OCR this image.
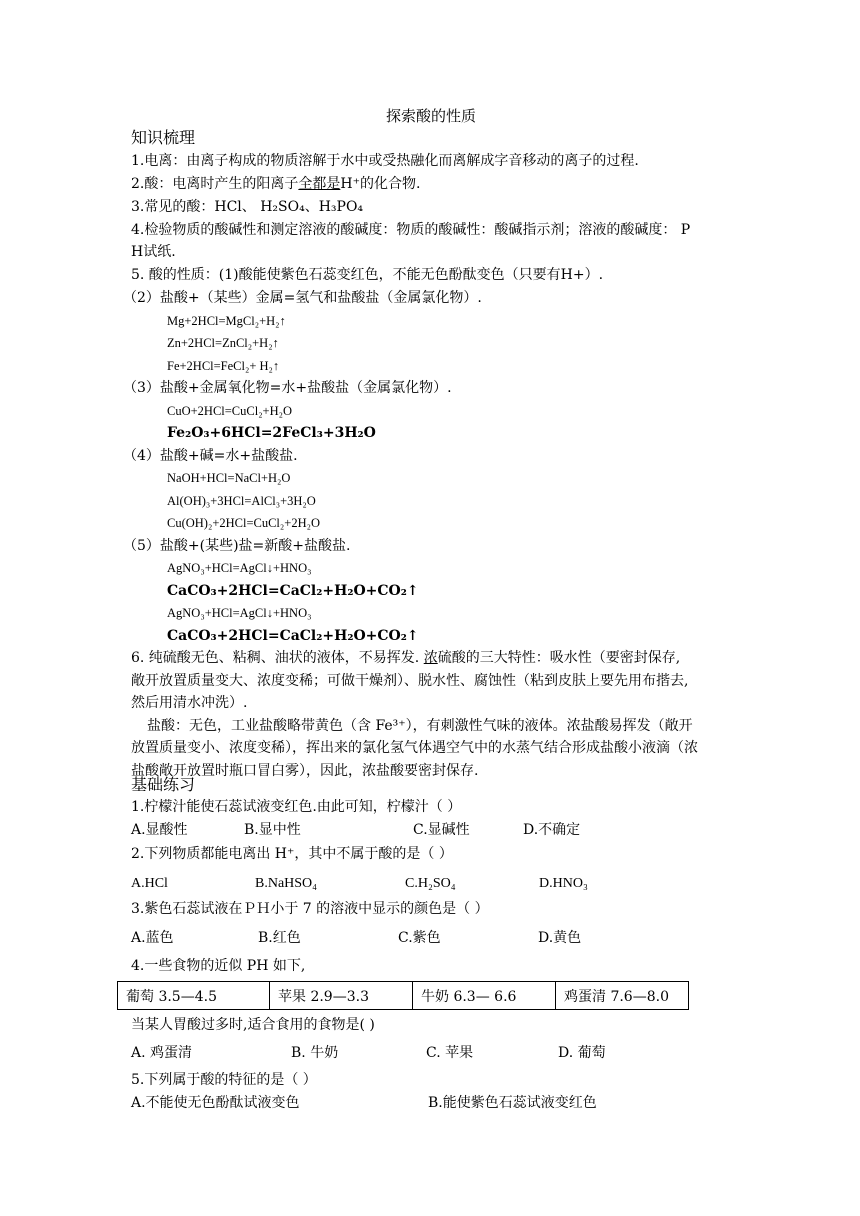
探索酸的性质
知识梳理
1.电离：由离子构成的物质溶解于水中或受热融化而离解成字音移动的离子的过程.
2.酸：电离时产生的阳离子全都是H⁺的化合物.
3.常见的酸：HCl、 H₂SO₄、H₃PO₄
4.检验物质的酸碱性和测定溶液的酸碱度：物质的酸碱性：酸碱指示剂；溶液的酸碱度： P
H试纸.
5. 酸的性质：(1)酸能使紫色石蕊变红色，不能无色酚酞变色（只要有H+）.
（2）盐酸+（某些）金属=氢气和盐酸盐（金属氯化物）.
Mg+2HCl=MgCl₂+H₂↑
Zn+2HCl=ZnCl₂+H₂↑
Fe+2HCl=FeCl₂+ H₂↑
（3）盐酸+金属氧化物=水+盐酸盐（金属氯化物）.
CuO+2HCl=CuCl₂+H₂O
Fe₂O₃+6HCl=2FeCl₃+3H₂O
（4）盐酸+碱=水+盐酸盐.
NaOH+HCl=NaCl+H₂O
Al(OH)₃+3HCl=AlCl₃+3H₂O
Cu(OH)₂+2HCl=CuCl₂+2H₂O
（5）盐酸+(某些)盐=新酸+盐酸盐.
AgNO₃+HCl=AgCl↓+HNO₃
CaCO₃+2HCl=CaCl₂+H₂O+CO₂↑
AgNO₃+HCl=AgCl↓+HNO₃
CaCO₃+2HCl=CaCl₂+H₂O+CO₂↑
6. 纯硫酸无色、粘稠、油状的液体，不易挥发. 浓硫酸的三大特性：吸水性（要密封保存,
敞开放置质量变大、浓度变稀；可做干燥剂）、脱水性、腐蚀性（粘到皮肤上要先用布揩去,
然后用清水冲洗）.
盐酸：无色，工业盐酸略带黄色（含 Fe³⁺），有刺激性气味的液体。浓盐酸易挥发（敞开
放置质量变小、浓度变稀），挥出来的氯化氢气体遇空气中的水蒸气结合形成盐酸小液滴（浓
盐酸敞开放置时瓶口冒白雾），因此，浓盐酸要密封保存.
基础练习
1.柠檬汁能使石蕊试液变红色.由此可知，柠檬汁（ ）
A.显酸性	B.显中性	C.显碱性	D.不确定
2.下列物质都能电离出 H⁺，其中不属于酸的是（ ）
A.HCl	B.NaHSO₄	C.H₂SO₄	D.HNO₃
3.紫色石蕊试液在ＰＨ小于 7 的溶液中显示的颜色是（ ）
A.蓝色	B.红色	C.紫色	D.黄色
4.一些食物的近似 PH 如下,
葡萄 3.5—4.5	苹果 2.9—3.3	牛奶 6.3— 6.6	鸡蛋清 7.6—8.0
当某人胃酸过多时,适合食用的食物是( )
A. 鸡蛋清	B. 牛奶	C. 苹果	D. 葡萄
5.下列属于酸的特征的是（ ）
A.不能使无色酚酞试液变色	B.能使紫色石蕊试液变红色
